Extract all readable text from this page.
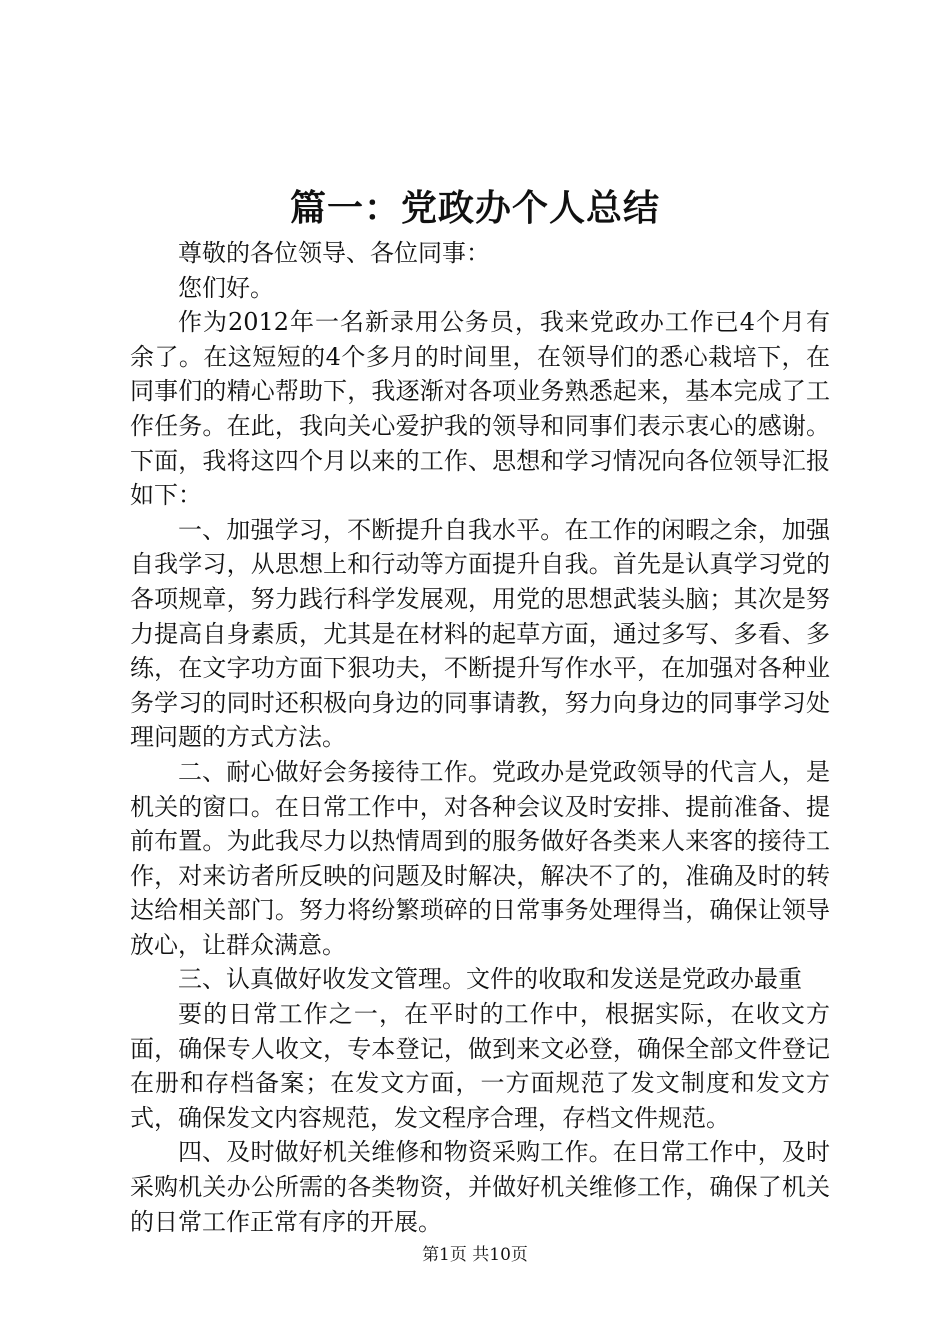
篇一：党政办个人总结

尊敬的各位领导、各位同事：

您们好。

作为2012年一名新录用公务员，我来党政办工作已4个月有余了。在这短短的4个多月的时间里，在领导们的悉心栽培下，在同事们的精心帮助下，我逐渐对各项业务熟悉起来，基本完成了工作任务。在此，我向关心爱护我的领导和同事们表示衷心的感谢。下面，我将这四个月以来的工作、思想和学习情况向各位领导汇报如下：

一、加强学习，不断提升自我水平。在工作的闲暇之余，加强自我学习，从思想上和行动等方面提升自我。首先是认真学习党的各项规章，努力践行科学发展观，用党的思想武装头脑；其次是努力提高自身素质，尤其是在材料的起草方面，通过多写、多看、多练，在文字功方面下狠功夫，不断提升写作水平，在加强对各种业务学习的同时还积极向身边的同事请教，努力向身边的同事学习处理问题的方式方法。

二、耐心做好会务接待工作。党政办是党政领导的代言人，是机关的窗口。在日常工作中，对各种会议及时安排、提前准备、提前布置。为此我尽力以热情周到的服务做好各类来人来客的接待工作，对来访者所反映的问题及时解决，解决不了的，准确及时的转达给相关部门。努力将纷繁琐碎的日常事务处理得当，确保让领导放心，让群众满意。

三、认真做好收发文管理。文件的收取和发送是党政办最重

要的日常工作之一，在平时的工作中，根据实际，在收文方面，确保专人收文，专本登记，做到来文必登，确保全部文件登记在册和存档备案；在发文方面，一方面规范了发文制度和发文方式，确保发文内容规范，发文程序合理，存档文件规范。

四、及时做好机关维修和物资采购工作。在日常工作中，及时采购机关办公所需的各类物资，并做好机关维修工作，确保了机关的日常工作正常有序的开展。

第1页 共10页
